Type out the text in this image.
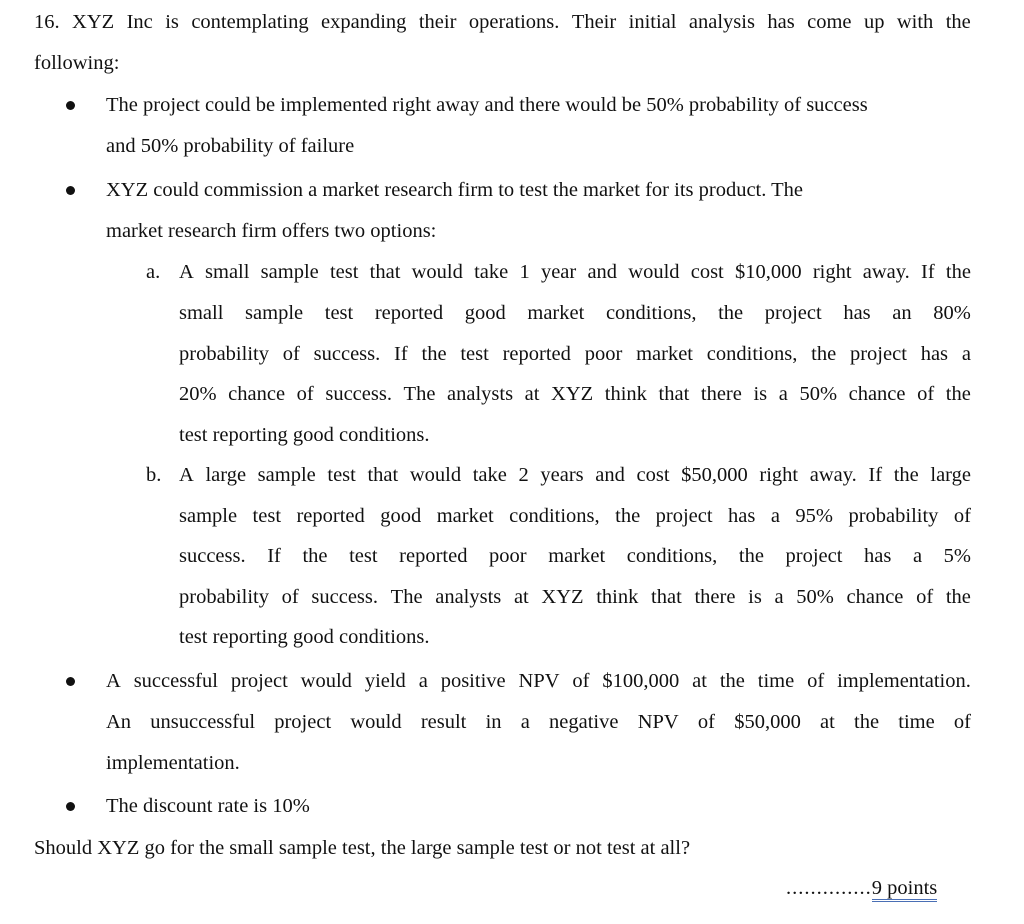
16. XYZ Inc is contemplating expanding their operations. Their initial analysis has come up with the
following:
The project could be implemented right away and there would be 50% probability of success
and 50% probability of failure
XYZ could commission a market research firm to test the market for its product. The
market research firm offers two options:
a. A small sample test that would take 1 year and would cost $10,000 right away. If the
small sample test reported good market conditions, the project has an 80%
probability of success. If the test reported poor market conditions, the project has a
20% chance of success. The analysts at XYZ think that there is a 50% chance of the
test reporting good conditions.
b. A large sample test that would take 2 years and cost $50,000 right away. If the large
sample test reported good market conditions, the project has a 95% probability of
success. If the test reported poor market conditions, the project has a 5%
probability of success. The analysts at XYZ think that there is a 50% chance of the
test reporting good conditions.
A successful project would yield a positive NPV of $100,000 at the time of implementation.
An unsuccessful project would result in a negative NPV of $50,000 at the time of
implementation.
The discount rate is 10%
Should XYZ go for the small sample test, the large sample test or not test at all?
..............9 points
